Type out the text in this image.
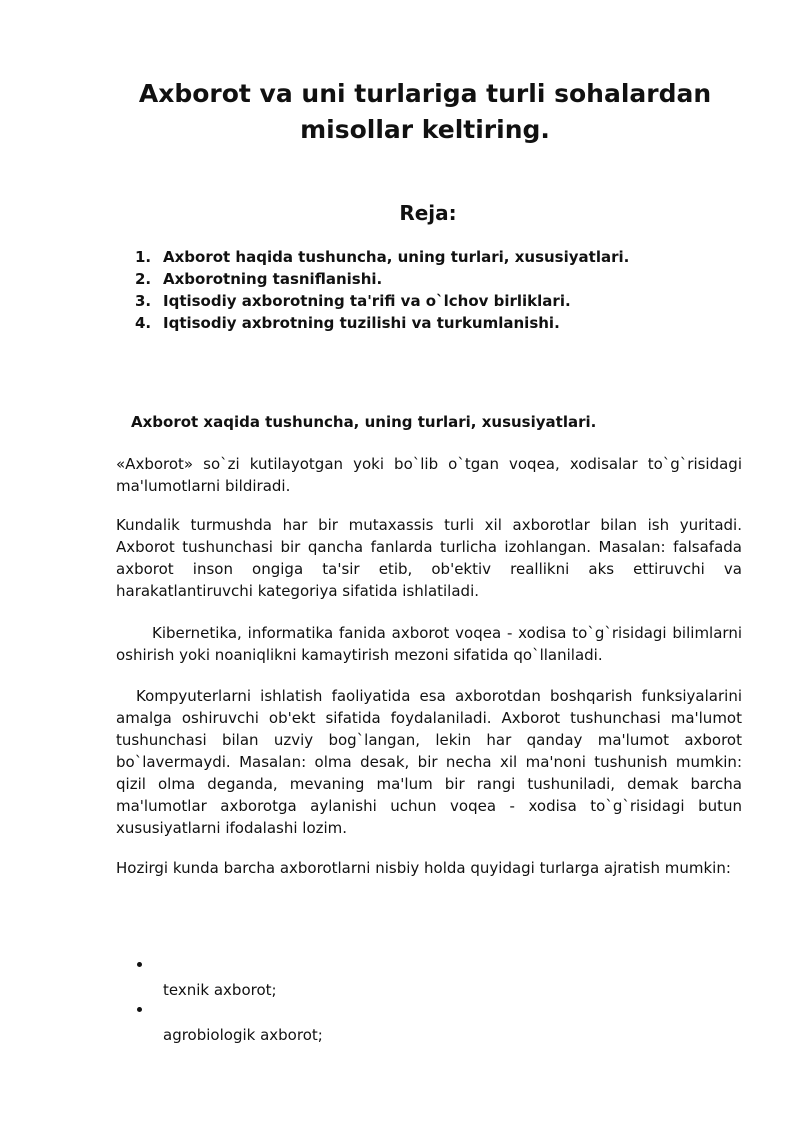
Axborot va uni turlariga turli sohalardan misollar keltiring.
Reja:
1. Axborot haqida tushuncha, uning turlari, xususiyatlari.
2. Axborotning tasniflanishi.
3. Iqtisodiy axborotning ta'rifi va o`lchov birliklari.
4. Iqtisodiy axbrotning tuzilishi va turkumlanishi.
Axborot xaqida tushuncha, uning turlari, xususiyatlari.

«Axborot» so`zi kutilayotgan yoki bo`lib o`tgan voqea, xodisalar to`g`risidagi ma'lumotlarni bildiradi.

Kundalik turmushda har bir mutaxassis turli xil axborotlar bilan ish yuritadi. Axborot tushunchasi bir qancha fanlarda turlicha izohlangan. Masalan: falsafada axborot inson ongiga ta'sir etib, ob'ektiv reallikni aks ettiruvchi va harakatlantiruvchi kategoriya sifatida ishlatiladi.

Kibernetika, informatika fanida axborot voqea - xodisa to`g`risidagi bilimlarni oshirish yoki noaniqlikni kamaytirish mezoni sifatida qo`llaniladi.

Kompyuterlarni ishlatish faoliyatida esa axborotdan boshqarish funksiyalarini amalga oshiruvchi ob'ekt sifatida foydalaniladi. Axborot tushunchasi ma'lumot tushunchasi bilan uzviy bog`langan, lekin har qanday ma'lumot axborot bo`lavermaydi. Masalan: olma desak, bir necha xil ma'noni tushunish mumkin: qizil olma deganda, mevaning ma'lum bir rangi tushuniladi, demak barcha ma'lumotlar axborotga aylanishi uchun voqea - xodisa to`g`risidagi butun xususiyatlarni ifodalashi lozim.

Hozirgi kunda barcha axborotlarni nisbiy holda quyidagi turlarga ajratish mumkin:

texnik axborot;
agrobiologik axborot;
